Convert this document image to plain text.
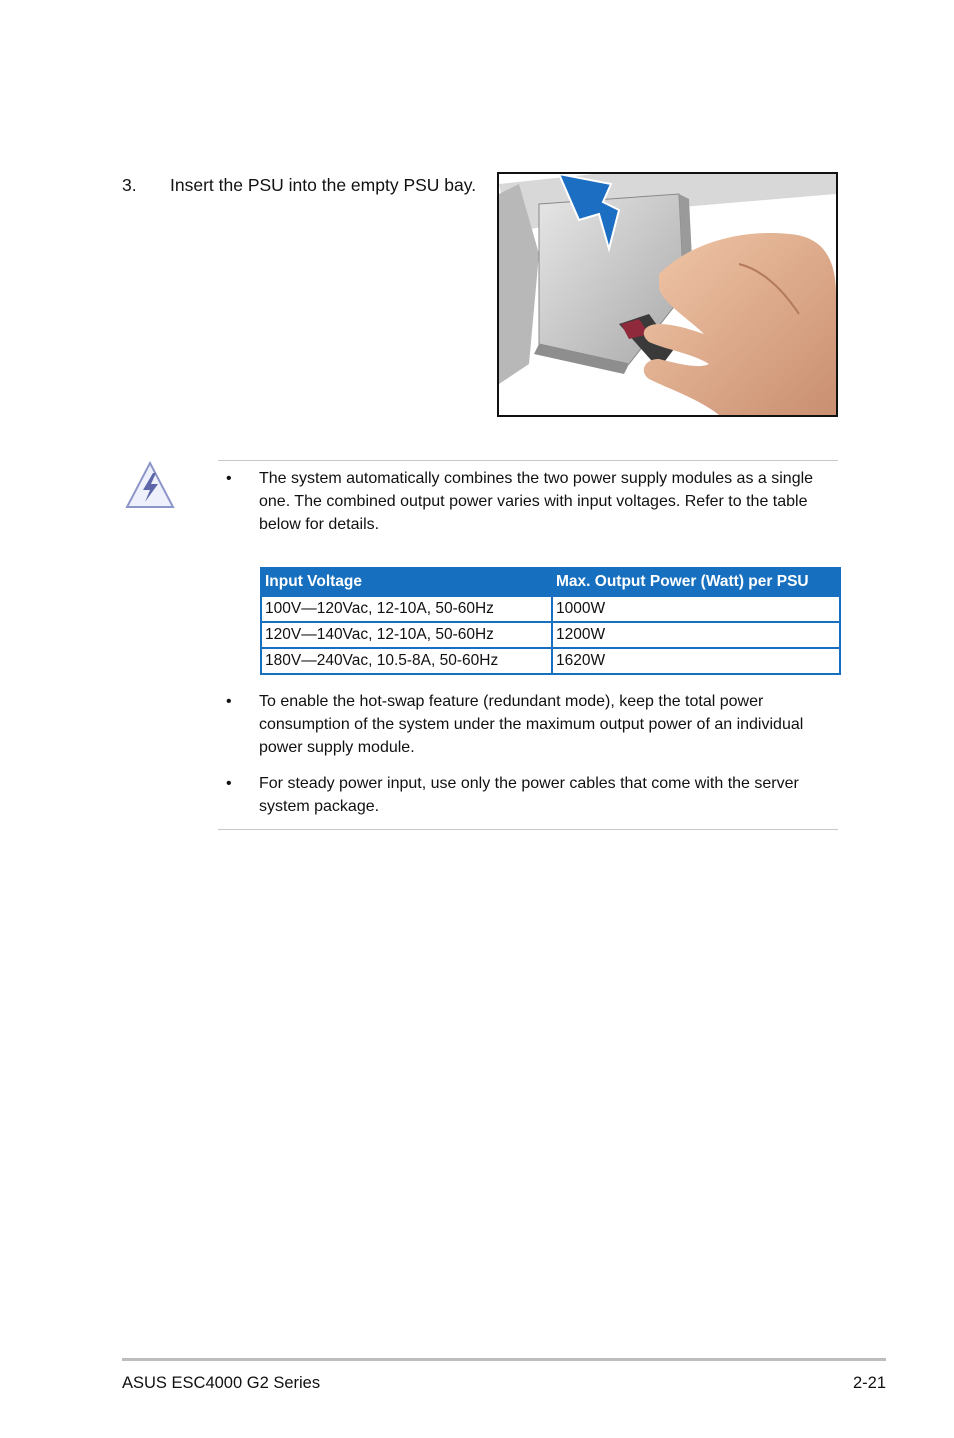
3. Insert the PSU into the empty PSU bay.
• The system automatically combines the two power supply modules as a single one. The combined output power varies with input voltages. Refer to the table below for details.
Input Voltage	Max. Output Power (Watt) per PSU
100V—120Vac, 12-10A, 50-60Hz	1000W
120V—140Vac, 12-10A, 50-60Hz	1200W
180V—240Vac, 10.5-8A, 50-60Hz	1620W
• To enable the hot-swap feature (redundant mode), keep the total power consumption of the system under the maximum output power of an individual power supply module.
• For steady power input, use only the power cables that come with the server system package.
ASUS ESC4000 G2 Series	2-21
